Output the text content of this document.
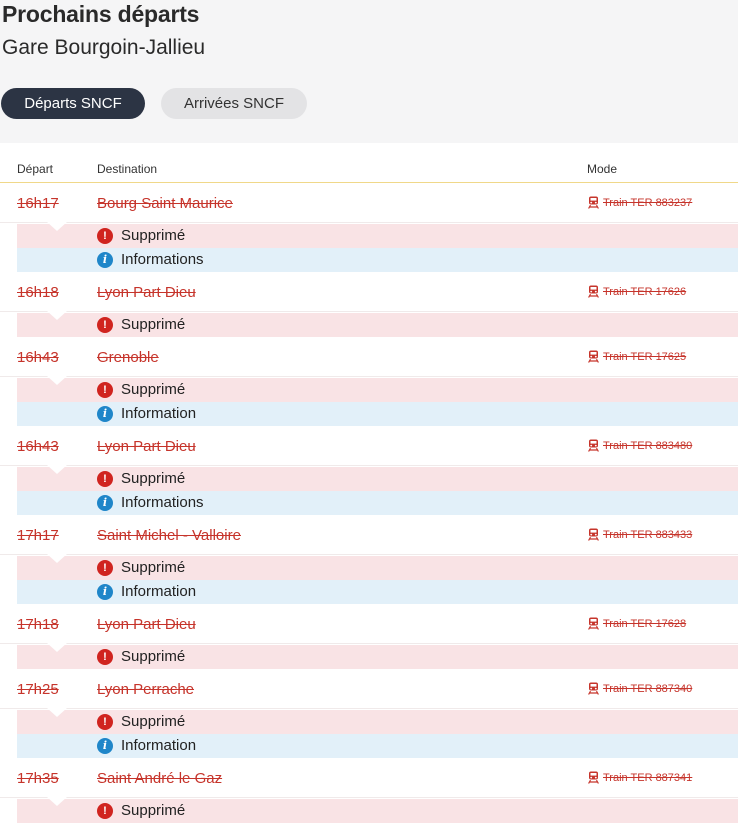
Prochains départs
Gare Bourgoin-Jallieu
Départs SNCF	Arrivées SNCF
Départ	Destination	Mode
16h17	Bourg Saint Maurice	Train TER 883237
! Supprimé
i Informations
16h18	Lyon Part Dieu	Train TER 17626
! Supprimé
16h43	Grenoble	Train TER 17625
! Supprimé
i Information
16h43	Lyon Part Dieu	Train TER 883480
! Supprimé
i Informations
17h17	Saint Michel - Valloire	Train TER 883433
! Supprimé
i Information
17h18	Lyon Part Dieu	Train TER 17628
! Supprimé
17h25	Lyon Perrache	Train TER 887340
! Supprimé
i Information
17h35	Saint André le Gaz	Train TER 887341
! Supprimé
